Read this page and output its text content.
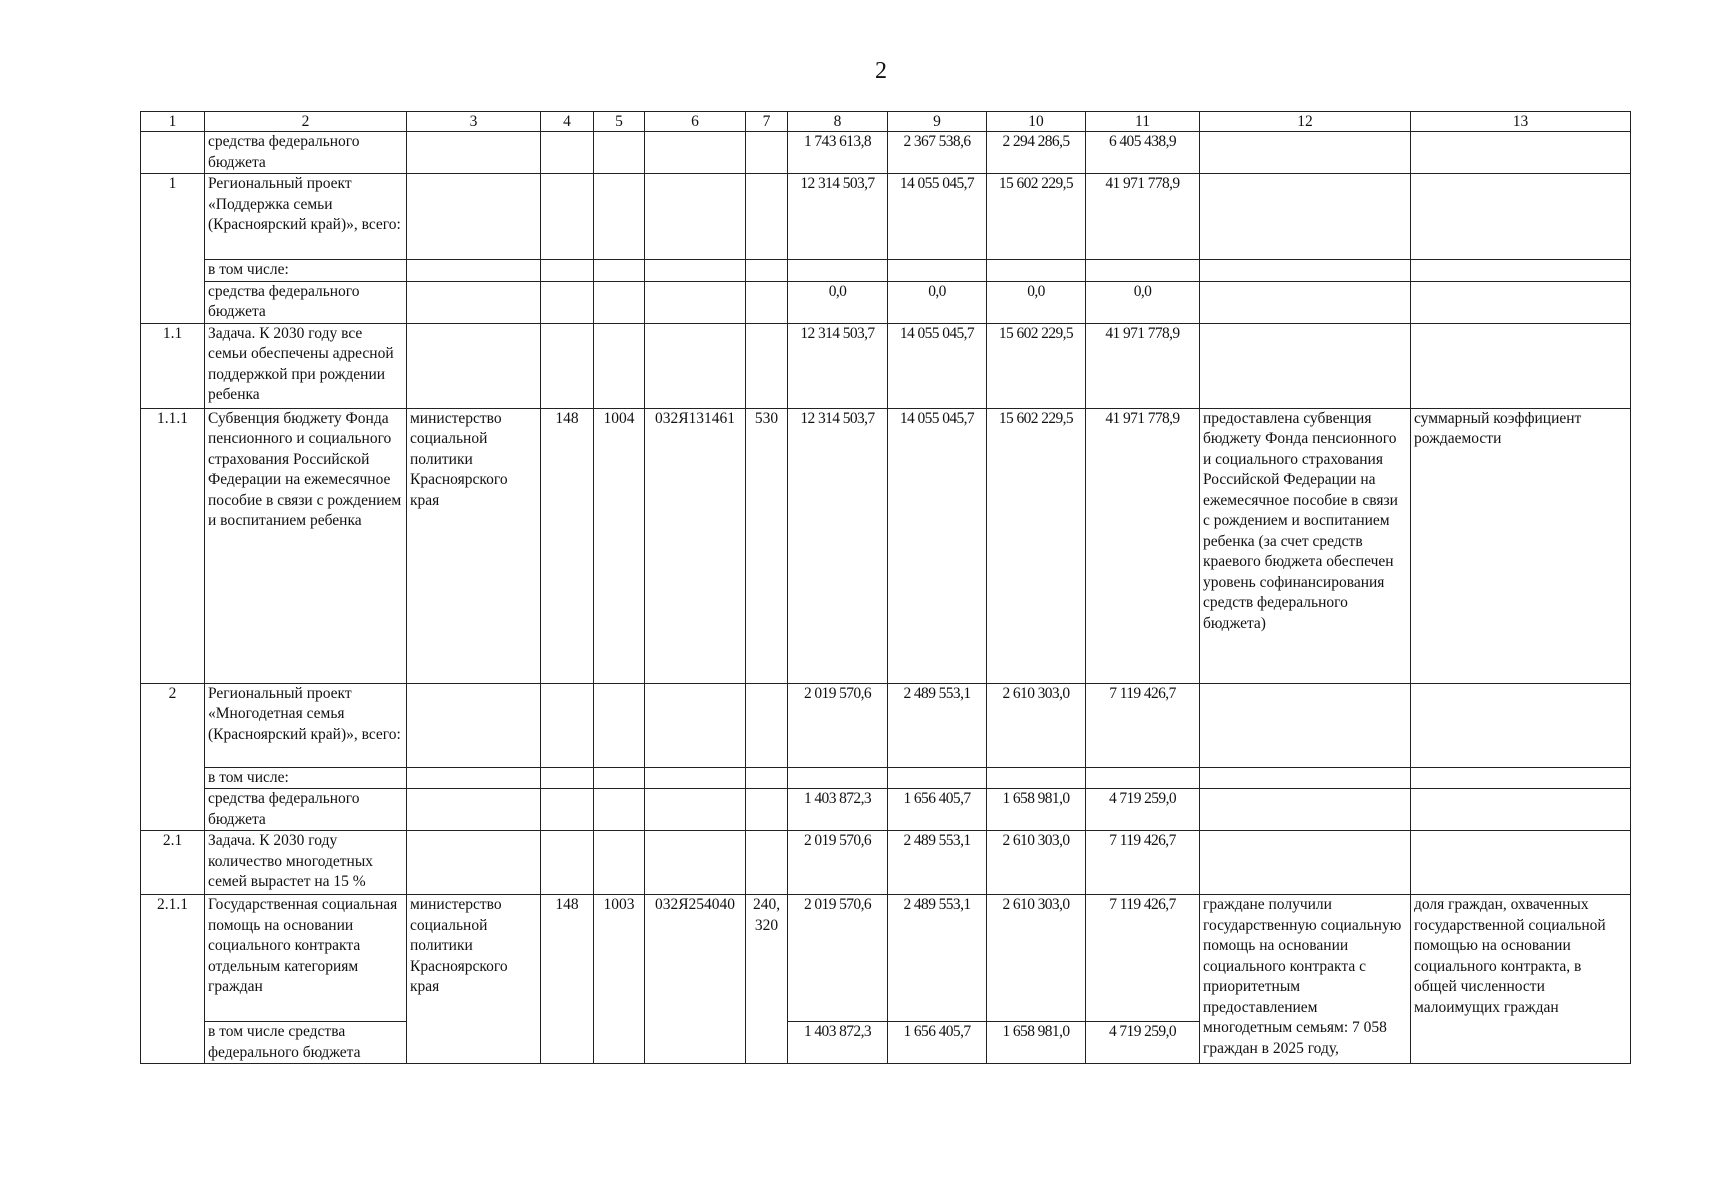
2
1	2	3	4	5	6	7	8	9	10	11	12	13
	средства федерального бюджета						1 743 613,8	2 367 538,6	2 294 286,5	6 405 438,9		
1	Региональный проект «Поддержка семьи (Красноярский край)», всего:						12 314 503,7	14 055 045,7	15 602 229,5	41 971 778,9		
	в том числе:											
	средства федерального бюджета						0,0	0,0	0,0	0,0		
1.1	Задача. К 2030 году все семьи обеспечены адресной поддержкой при рождении ребенка						12 314 503,7	14 055 045,7	15 602 229,5	41 971 778,9		
1.1.1	Субвенция бюджету Фонда пенсионного и социального страхования Российской Федерации на ежемесячное пособие в связи с рождением и воспитанием ребенка	министерство социальной политики Красноярского края	148	1004	032Я131461	530	12 314 503,7	14 055 045,7	15 602 229,5	41 971 778,9	предоставлена субвенция бюджету Фонда пенсионного и социального страхования Российской Федерации на ежемесячное пособие в связи с рождением и воспитанием ребенка (за счет средств краевого бюджета обеспечен уровень софинансирования средств федерального бюджета)	суммарный коэффициент рождаемости
2	Региональный проект «Многодетная семья (Красноярский край)», всего:						2 019 570,6	2 489 553,1	2 610 303,0	7 119 426,7		
	в том числе:											
	средства федерального бюджета						1 403 872,3	1 656 405,7	1 658 981,0	4 719 259,0		
2.1	Задача. К 2030 году количество многодетных семей вырастет на 15 %						2 019 570,6	2 489 553,1	2 610 303,0	7 119 426,7		
2.1.1	Государственная социальная помощь на основании социального контракта отдельным категориям граждан	министерство социальной политики Красноярского края	148	1003	032Я254040	240, 320	2 019 570,6	2 489 553,1	2 610 303,0	7 119 426,7	граждане получили государственную социальную помощь на основании социального контракта с приоритетным предоставлением многодетным семьям: 7 058 граждан в 2025 году,	доля граждан, охваченных государственной социальной помощью на основании социального контракта, в общей численности малоимущих граждан
	в том числе средства федерального бюджета						1 403 872,3	1 656 405,7	1 658 981,0	4 719 259,0		
